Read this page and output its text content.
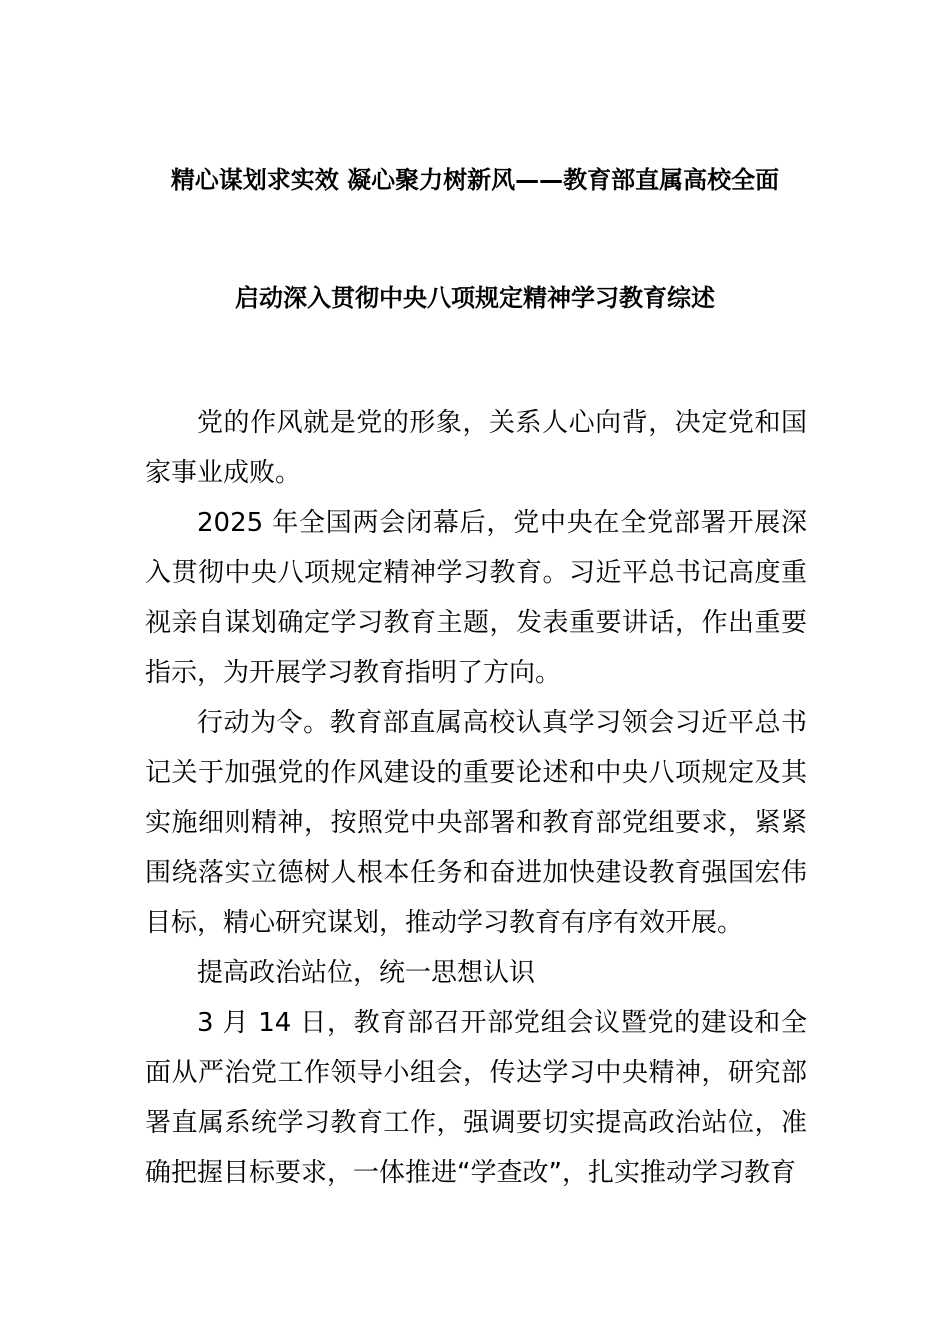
精心谋划求实效 凝心聚力树新风——教育部直属高校全面
启动深入贯彻中央八项规定精神学习教育综述

党的作风就是党的形象，关系人心向背，决定党和国家事业成败。

2025 年全国两会闭幕后，党中央在全党部署开展深入贯彻中央八项规定精神学习教育。习近平总书记高度重视亲自谋划确定学习教育主题，发表重要讲话，作出重要指示，为开展学习教育指明了方向。

行动为令。教育部直属高校认真学习领会习近平总书记关于加强党的作风建设的重要论述和中央八项规定及其实施细则精神，按照党中央部署和教育部党组要求，紧紧围绕落实立德树人根本任务和奋进加快建设教育强国宏伟目标，精心研究谋划，推动学习教育有序有效开展。

提高政治站位，统一思想认识

3 月 14 日，教育部召开部党组会议暨党的建设和全面从严治党工作领导小组会，传达学习中央精神，研究部署直属系统学习教育工作，强调要切实提高政治站位，准确把握目标要求，一体推进“学查改”，扎实推动学习教育
